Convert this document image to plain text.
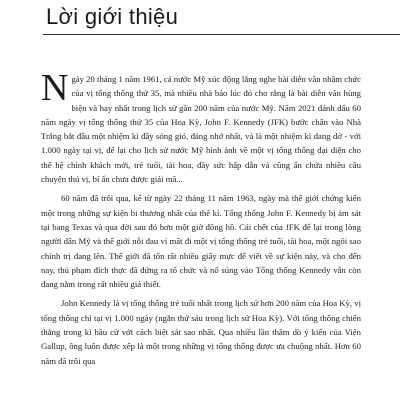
Lời giới thiệu

Ngày 20 tháng 1 năm 1961, cả nước Mỹ xúc động lắng nghe bài diễn văn nhậm chức của vị tổng thống thứ 35, mà nhiều nhà báo lúc đó cho rằng là bài diễn văn hùng biện và hay nhất trong lịch sử gần 200 năm của nước Mỹ. Năm 2021 đánh dấu 60 năm ngày vị tổng thống thứ 35 của Hoa Kỳ, John F. Kennedy (JFK) bước chân vào Nhà Trắng bắt đầu một nhiệm kì đầy sóng gió, đáng nhớ nhất, và là một nhiệm kì dang dở - với 1.000 ngày tại vị, để lại cho lịch sử nước Mỹ hình ảnh về một vị tổng thống đại diện cho thế hệ chính khách mới, trẻ tuổi, tài hoa, đầy sức hấp dẫn và cũng ẩn chứa nhiều câu chuyện thú vị, bí ẩn chưa được giải mã...

60 năm đã trôi qua, kể từ ngày 22 tháng 11 năm 1963, ngày mà thế giới chứng kiến một trong những sự kiện bi thương nhất của thế kỉ. Tổng thống John F. Kennedy bị ám sát tại bang Texas và qua đời sau đó hơn một giờ đồng hồ. Cái chết của JFK để lại trong lòng người dân Mỹ và thế giới nỗi đau vì mất đi một vị tổng thống trẻ tuổi, tài hoa, một ngôi sao chính trị đang lên. Thế giới đã tốn rất nhiều giấy mực để viết về sự kiện này, và cho đến nay, thủ phạm đích thực đã đứng ra tổ chức và nổ súng vào Tổng thống Kennedy vẫn còn đang nằm trong rất nhiều giả thiết.

John Kennedy là vị tổng thống trẻ tuổi nhất trong lịch sử hơn 200 năm của Hoa Kỳ, vị tổng thống chỉ tại vị 1.000 ngày (ngắn thứ sáu trong lịch sử Hoa Kỳ). Với tổng thống chiến thắng trong kì bầu cử với cách biệt sát sao nhất. Qua nhiều lần thăm dò ý kiến của Viện Gallup, ông luôn được xếp là một trong những vị tổng thống được ưa chuộng nhất. Hơn 60 năm đã trôi qua
